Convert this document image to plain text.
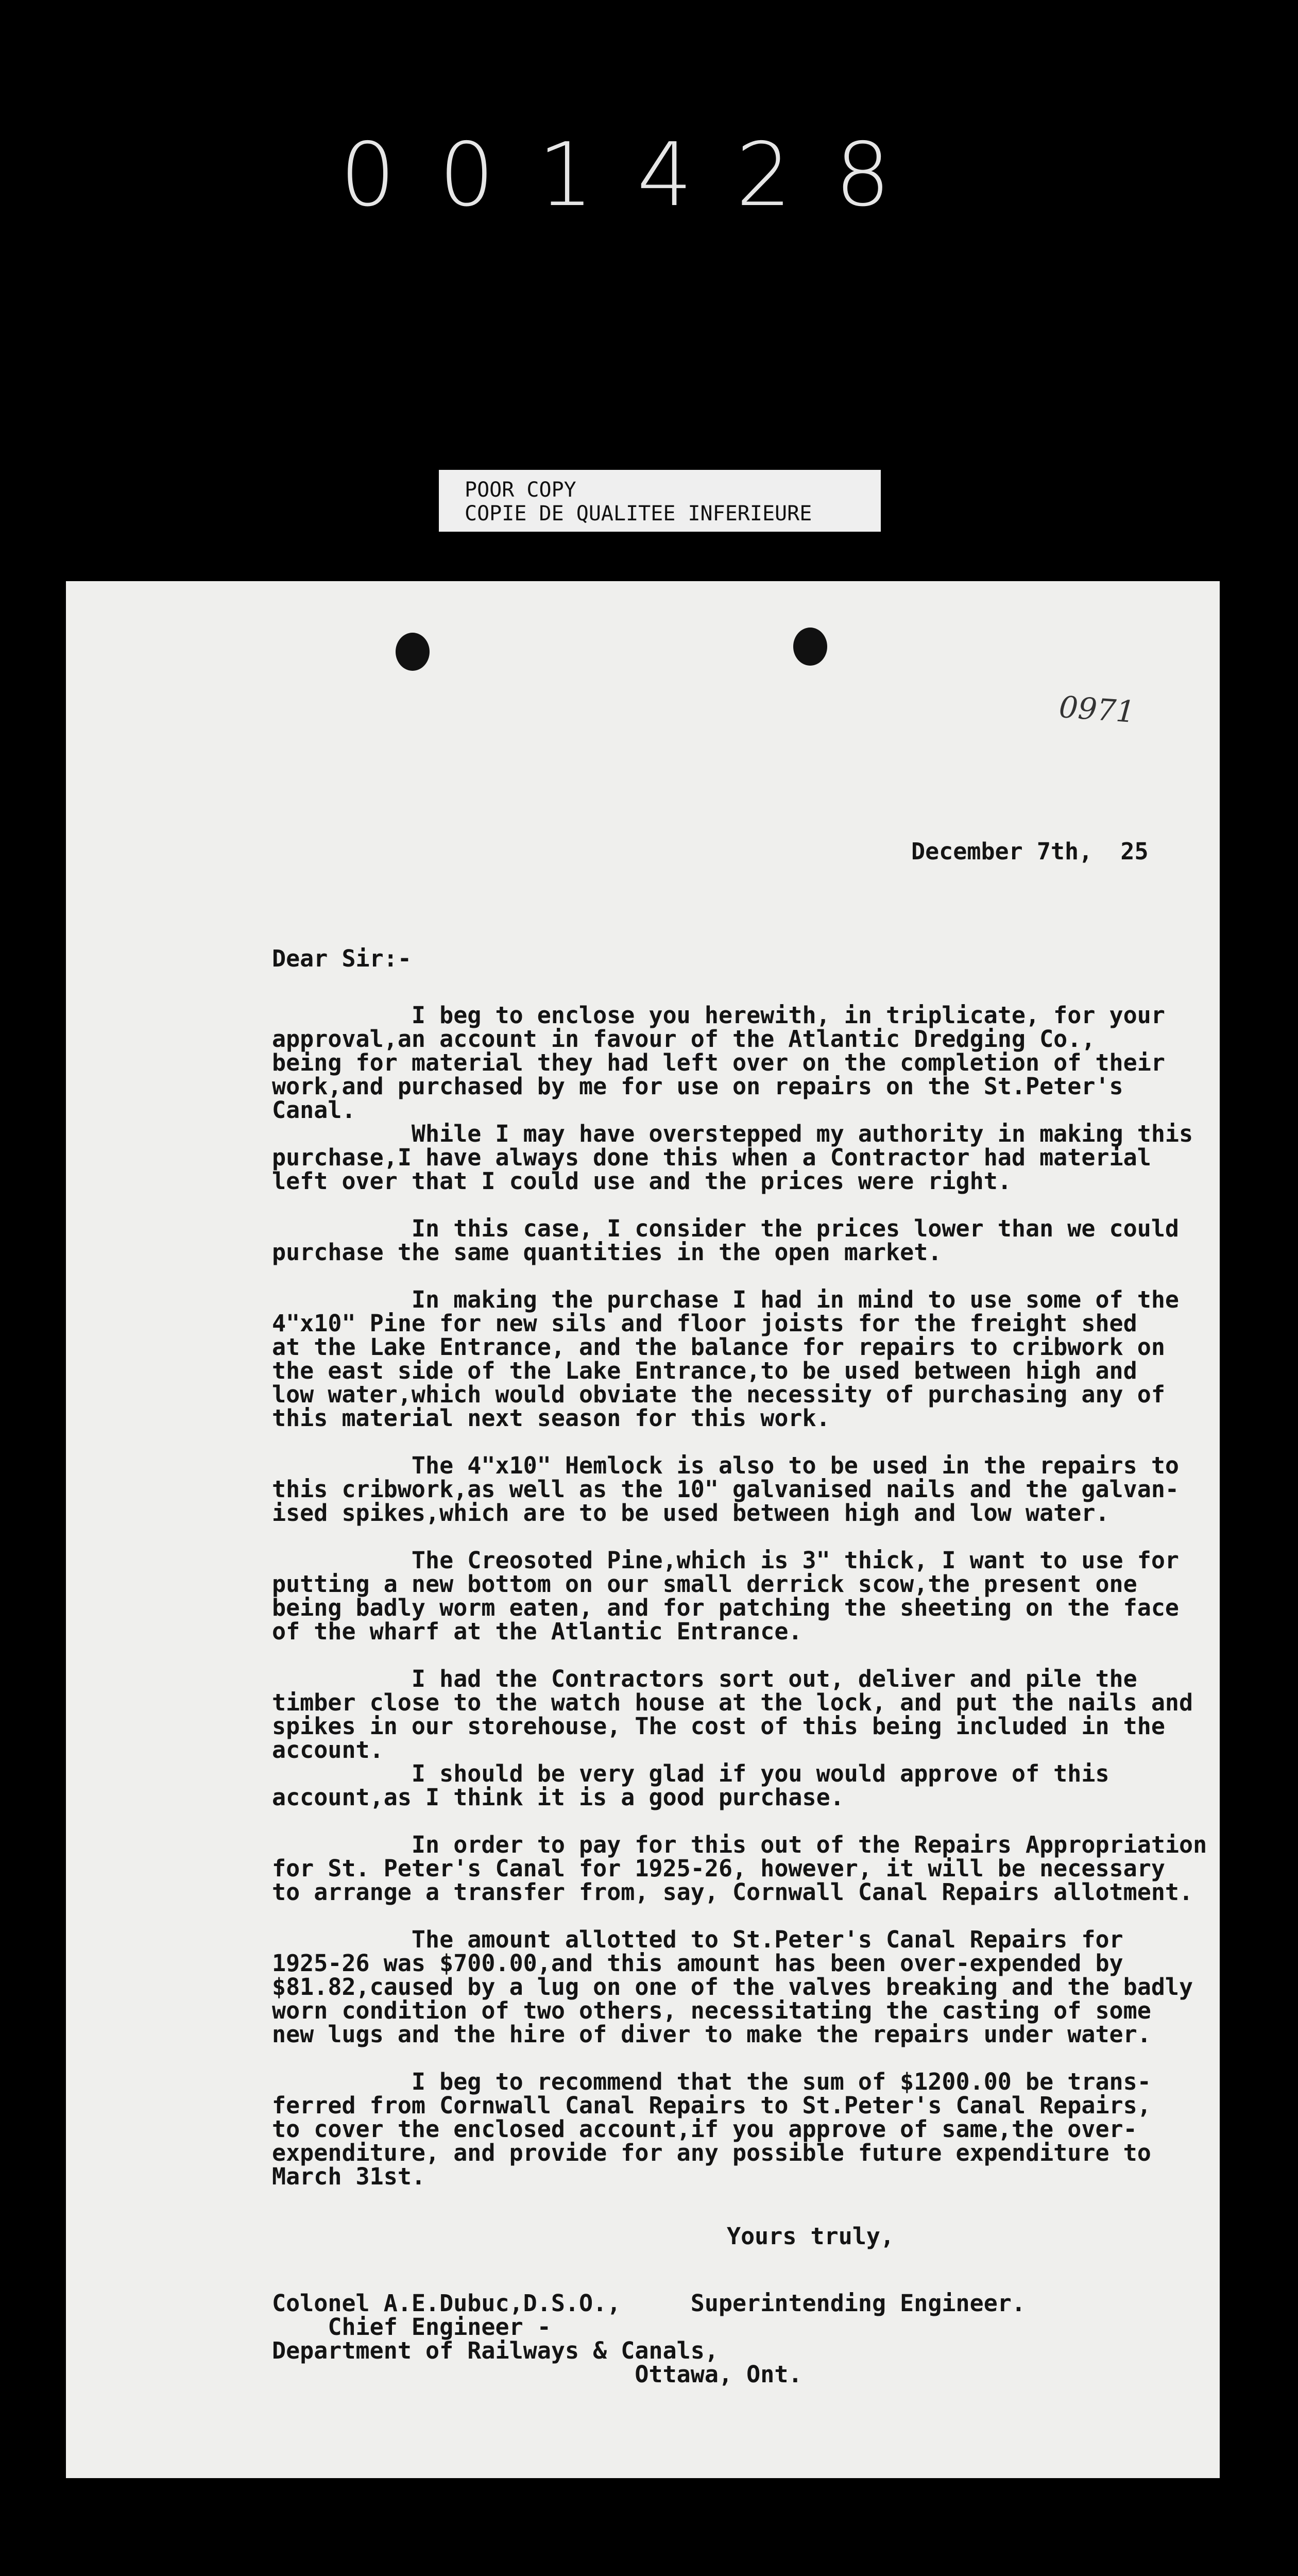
001428
POOR COPY
COPIE DE QUALITEE INFERIEURE
0971
December 7th,  25
Dear Sir:-
I beg to enclose you herewith, in triplicate, for your
approval,an account in favour of the Atlantic Dredging Co.,
being for material they had left over on the completion of their
work,and purchased by me for use on repairs on the St.Peter's
Canal.
While I may have overstepped my authority in making this
purchase,I have always done this when a Contractor had material
left over that I could use and the prices were right.

In this case, I consider the prices lower than we could
purchase the same quantities in the open market.

In making the purchase I had in mind to use some of the
4"x10" Pine for new sils and floor joists for the freight shed
at the Lake Entrance, and the balance for repairs to cribwork on
the east side of the Lake Entrance,to be used between high and
low water,which would obviate the necessity of purchasing any of
this material next season for this work.

The 4"x10" Hemlock is also to be used in the repairs to
this cribwork,as well as the 10" galvanised nails and the galvan-
ised spikes,which are to be used between high and low water.

The Creosoted Pine,which is 3" thick, I want to use for
putting a new bottom on our small derrick scow,the present one
being badly worm eaten, and for patching the sheeting on the face
of the wharf at the Atlantic Entrance.

I had the Contractors sort out, deliver and pile the
timber close to the watch house at the lock, and put the nails and
spikes in our storehouse, The cost of this being included in the
account.
I should be very glad if you would approve of this
account,as I think it is a good purchase.

In order to pay for this out of the Repairs Appropriation
for St. Peter's Canal for 1925-26, however, it will be necessary
to arrange a transfer from, say, Cornwall Canal Repairs allotment.

The amount allotted to St.Peter's Canal Repairs for
1925-26 was $700.00,and this amount has been over-expended by
$81.82,caused by a lug on one of the valves breaking and the badly
worn condition of two others, necessitating the casting of some
new lugs and the hire of diver to make the repairs under water.

I beg to recommend that the sum of $1200.00 be trans-
ferred from Cornwall Canal Repairs to St.Peter's Canal Repairs,
to cover the enclosed account,if you approve of same,the over-
expenditure, and provide for any possible future expenditure to
March 31st.
Yours truly,
Colonel A.E.Dubuc,D.S.O.,     Superintending Engineer.
Chief Engineer -
Department of Railways & Canals,
Ottawa, Ont.
